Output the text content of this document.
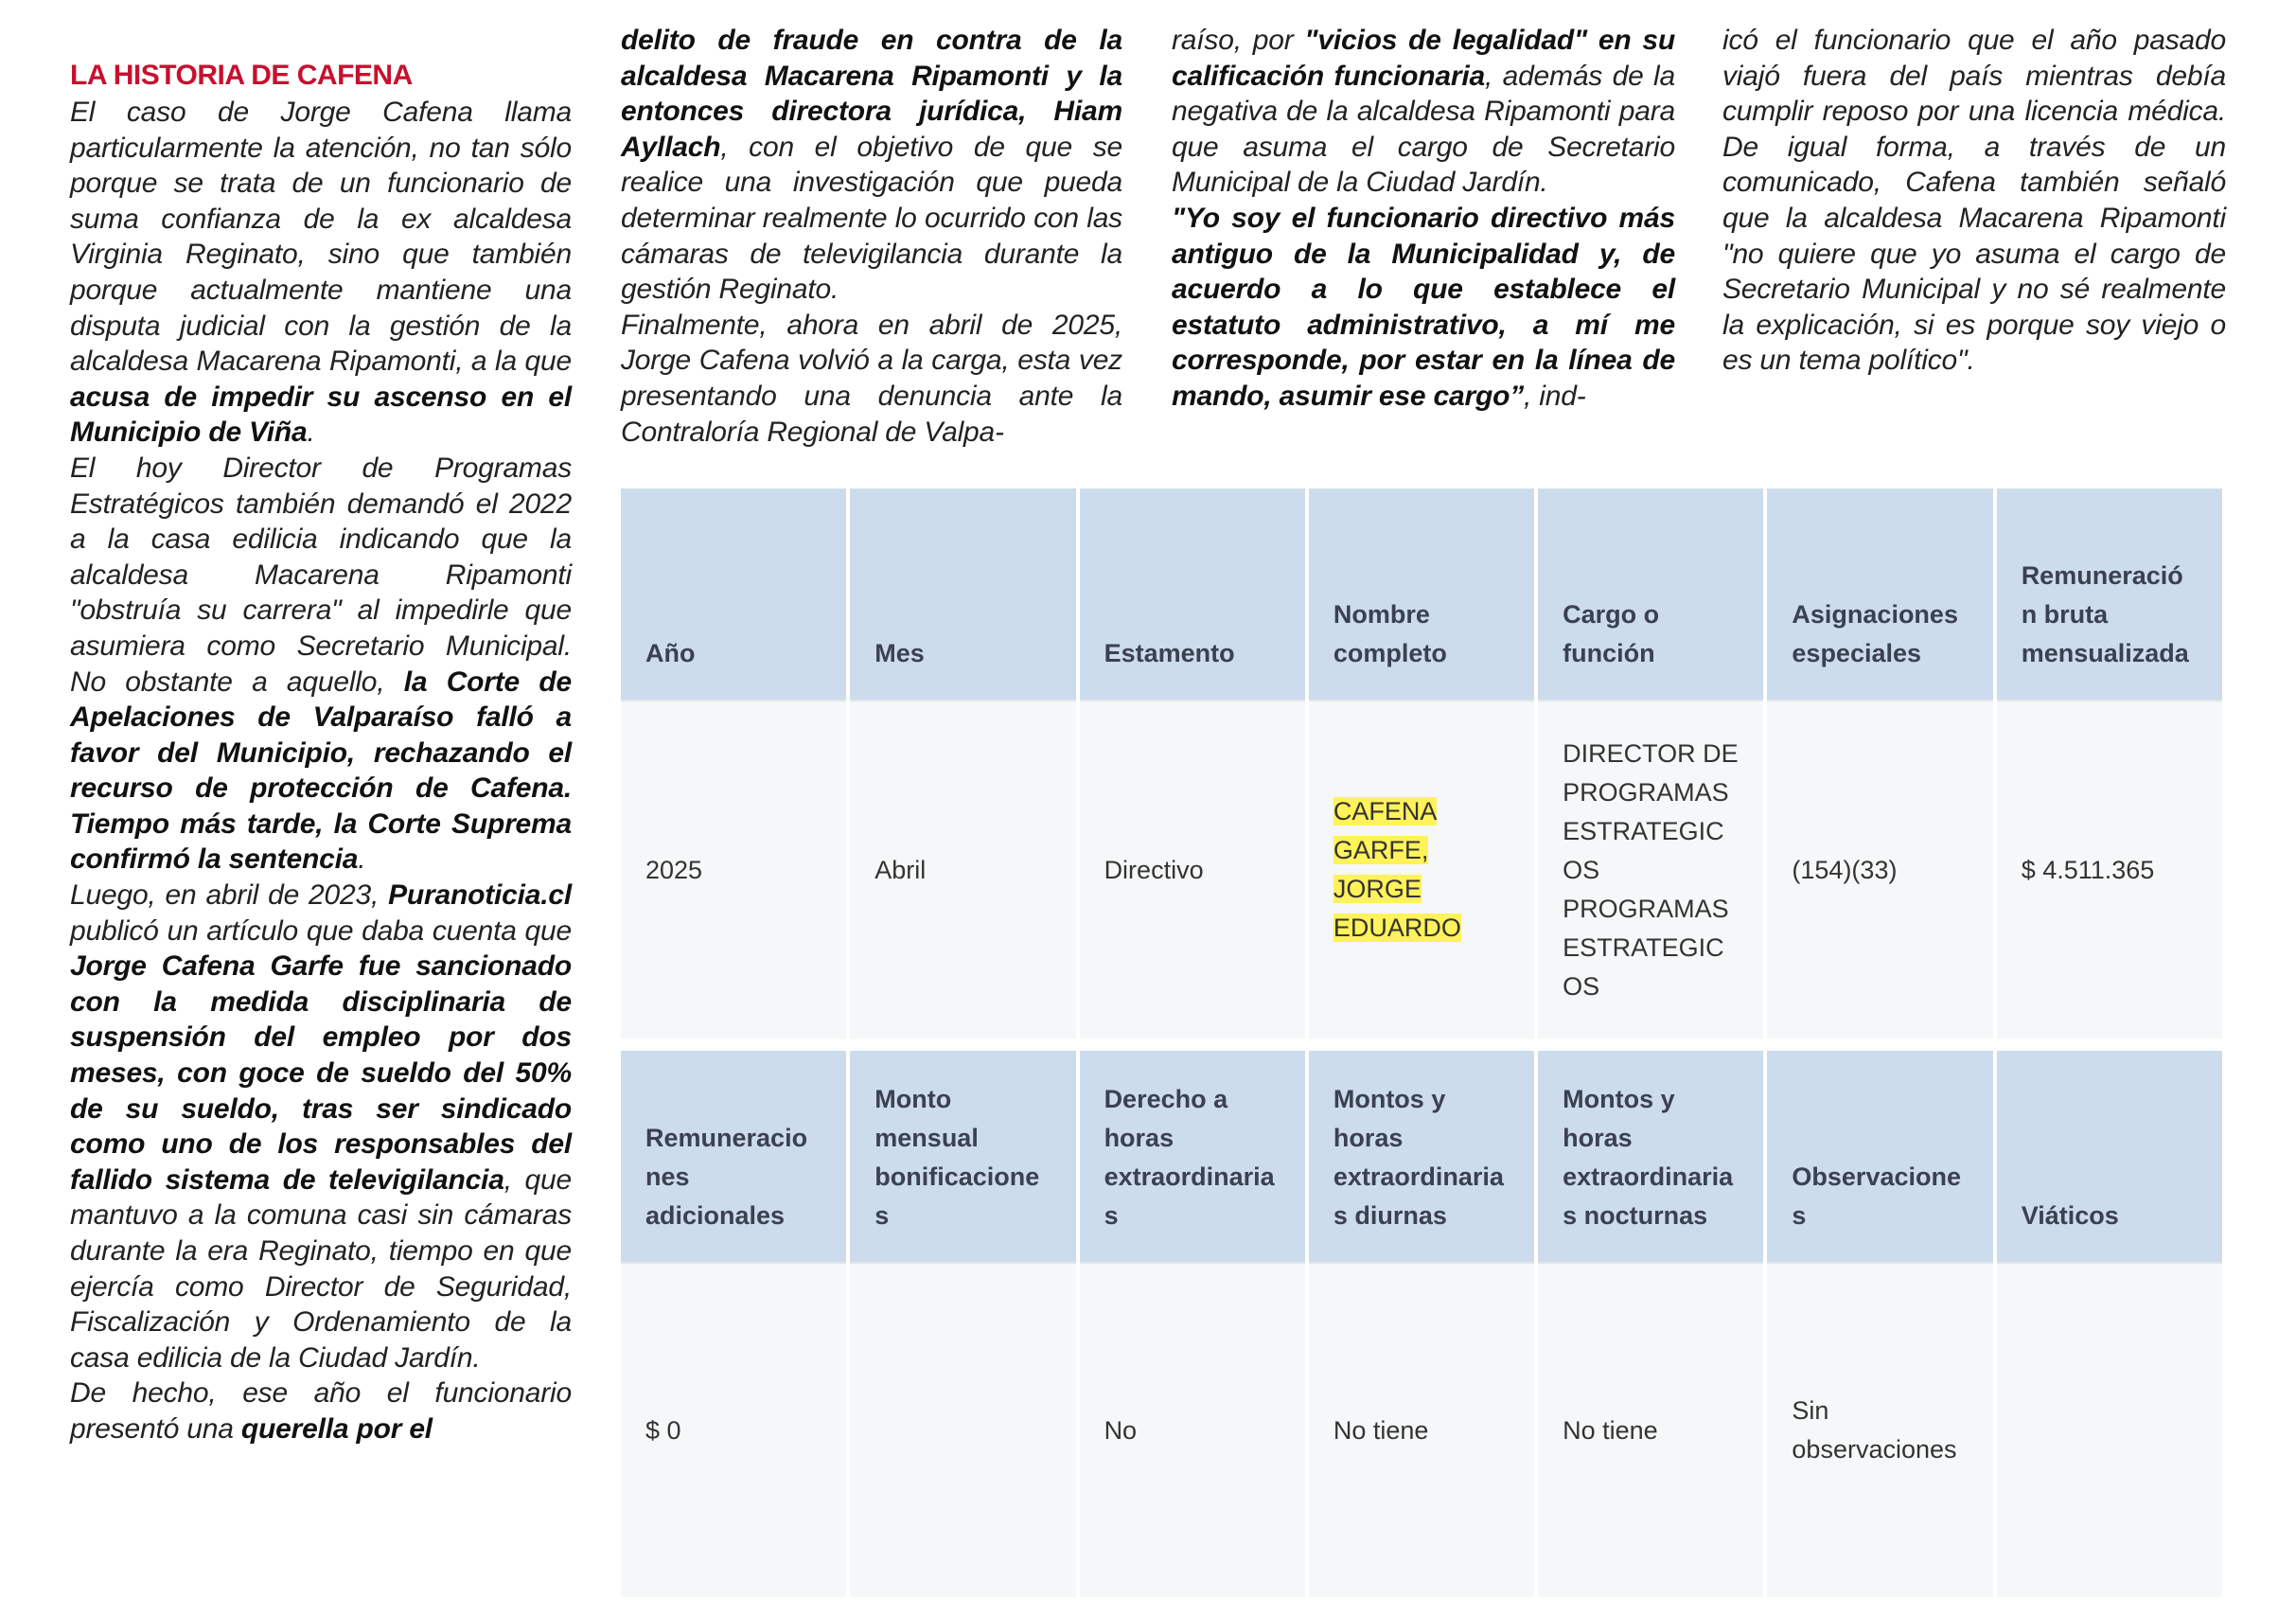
LA HISTORIA DE CAFENA

El caso de Jorge Cafena llama particularmente la atención, no tan sólo porque se trata de un funcionario de suma confianza de la ex alcaldesa Virginia Reginato, sino que también porque actualmente mantiene una disputa judicial con la gestión de la alcaldesa Macarena Ripamonti, a la que acusa de impedir su ascenso en el Municipio de Viña.

El hoy Director de Programas Estratégicos también demandó el 2022 a la casa edilicia indicando que la alcaldesa Macarena Ripamonti "obstruía su carrera" al impedirle que asumiera como Secretario Municipal. No obstante a aquello, la Corte de Apelaciones de Valparaíso falló a favor del Municipio, rechazando el recurso de protección de Cafena. Tiempo más tarde, la Corte Suprema confirmó la sentencia.

Luego, en abril de 2023, Puranoticia.cl publicó un artículo que daba cuenta que Jorge Cafena Garfe fue sancionado con la medida disciplinaria de suspensión del empleo por dos meses, con goce de sueldo del 50% de su sueldo, tras ser sindicado como uno de los responsables del fallido sistema de televigilancia, que mantuvo a la comuna casi sin cámaras durante la era Reginato, tiempo en que ejercía como Director de Seguridad, Fiscalización y Ordenamiento de la casa edilicia de la Ciudad Jardín.

De hecho, ese año el funcionario presentó una querella por el

delito de fraude en contra de la alcaldesa Macarena Ripamonti y la entonces directora jurídica, Hiam Ayllach, con el objetivo de que se realice una investigación que pueda determinar realmente lo ocurrido con las cámaras de televigilancia durante la gestión Reginato.

Finalmente, ahora en abril de 2025, Jorge Cafena volvió a la carga, esta vez presentando una denuncia ante la Contraloría Regional de Valpa-

raíso, por "vicios de legalidad" en su calificación funcionaria, además de la negativa de la alcaldesa Ripamonti para que asuma el cargo de Secretario Municipal de la Ciudad Jardín.

"Yo soy el funcionario directivo más antiguo de la Municipalidad y, de acuerdo a lo que establece el estatuto administrativo, a mí me corresponde, por estar en la línea de mando, asumir ese cargo”, ind-

icó el funcionario que el año pasado viajó fuera del país mientras debía cumplir reposo por una licencia médica. De igual forma, a través de un comunicado, Cafena también señaló que la alcaldesa Macarena Ripamonti "no quiere que yo asuma el cargo de Secretario Municipal y no sé realmente la explicación, si es porque soy viejo o es un tema político".

Año	Mes	Estamento	Nombre completo	Cargo o función	Asignaciones especiales	Remuneración bruta mensualizada
2025	Abril	Directivo	CAFENA GARFE, JORGE EDUARDO	DIRECTOR DE PROGRAMAS ESTRATEGIC OS PROGRAMAS ESTRATEGIC OS	(154)(33)	$ 4.511.365
Remuneraciones adicionales	Monto mensual bonificaciones	Derecho a horas extraordinarias	Montos y horas extraordinarias diurnas	Montos y horas extraordinarias nocturnas	Observaciones	Viáticos
$ 0		No	No tiene	No tiene	Sin observaciones	
